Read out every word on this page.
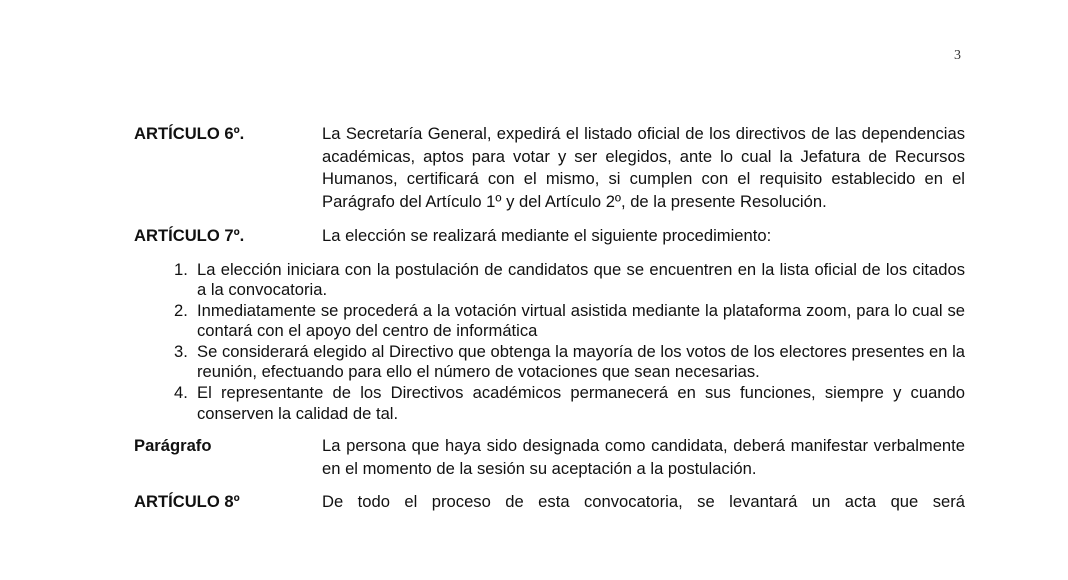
3
ARTÍCULO 6º.	La Secretaría General, expedirá el listado oficial de los directivos de las dependencias académicas, aptos para votar y ser elegidos, ante lo cual la Jefatura de Recursos Humanos, certificará con el mismo, si cumplen con el requisito establecido en el Parágrafo del Artículo 1º y del Artículo 2º, de la presente Resolución.
ARTÍCULO 7º.	La elección se realizará mediante el siguiente procedimiento:
1. La elección iniciara con la postulación de candidatos que se encuentren en la lista oficial de los citados a la convocatoria.
2. Inmediatamente se procederá a la votación virtual asistida mediante la plataforma zoom, para lo cual se contará con el apoyo del centro de informática
3. Se considerará elegido al Directivo que obtenga la mayoría de los votos de los electores presentes en la reunión, efectuando para ello el número de votaciones que sean necesarias.
4. El representante de los Directivos académicos permanecerá en sus funciones, siempre y cuando conserven la calidad de tal.
Parágrafo	La persona que haya sido designada como candidata, deberá manifestar verbalmente en el momento de la sesión su aceptación a la postulación.
ARTÍCULO 8º	De todo el proceso de esta convocatoria, se levantará un acta que será
